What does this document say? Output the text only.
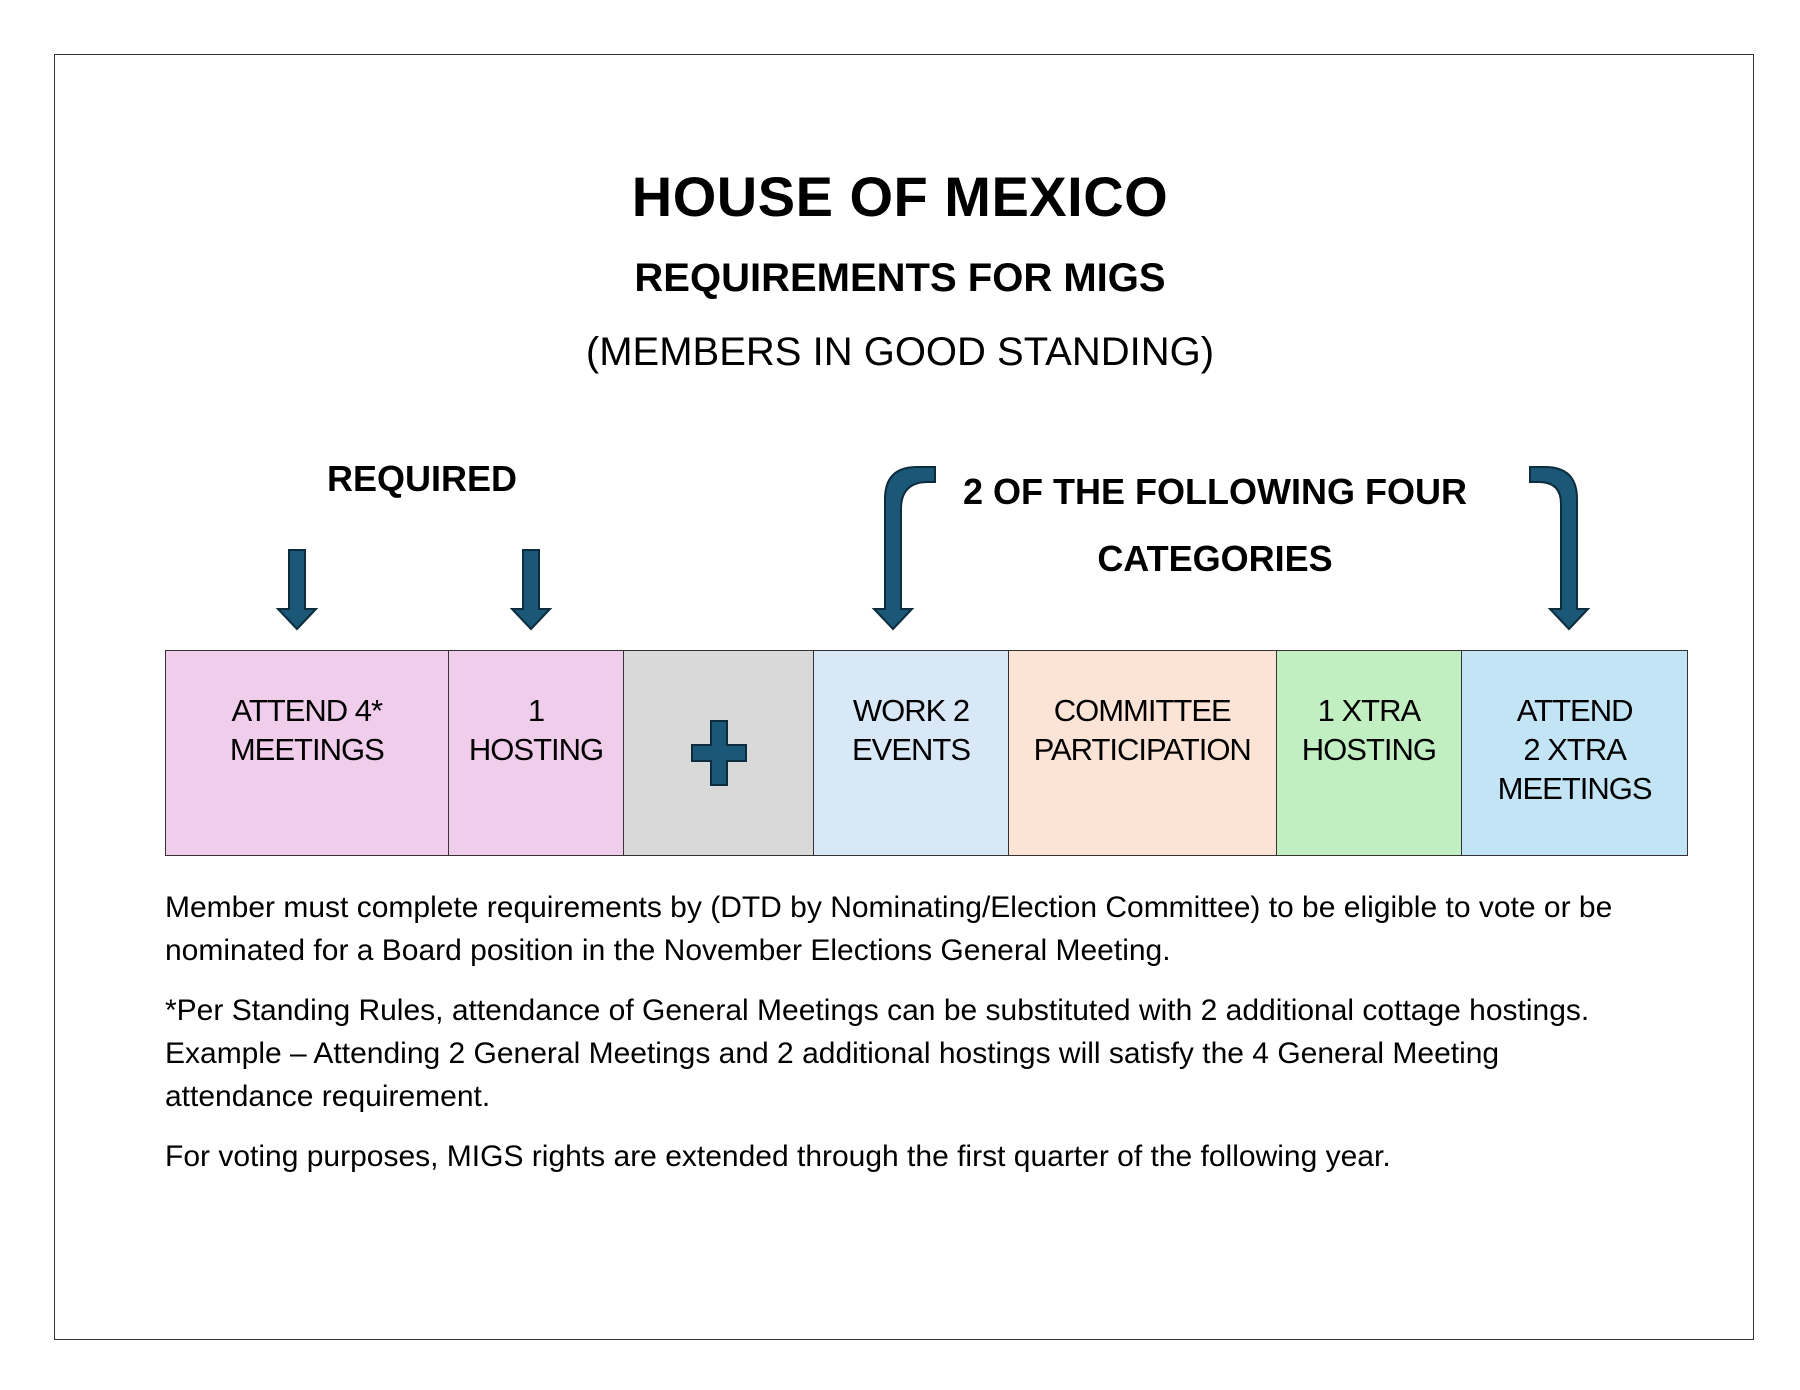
HOUSE OF MEXICO
REQUIREMENTS FOR MIGS
(MEMBERS IN GOOD STANDING)
REQUIRED	2 OF THE FOLLOWING FOUR CATEGORIES
ATTEND 4*
MEETINGS
1
HOSTING
WORK 2
EVENTS
COMMITTEE
PARTICIPATION
1 XTRA
HOSTING
ATTEND
2 XTRA
MEETINGS

Member must complete requirements by (DTD by Nominating/Election Committee) to be eligible to vote or be nominated for a Board position in the November Elections General Meeting.

*Per Standing Rules, attendance of General Meetings can be substituted with 2 additional cottage hostings. Example – Attending 2 General Meetings and 2 additional hostings will satisfy the 4 General Meeting attendance requirement.

For voting purposes, MIGS rights are extended through the first quarter of the following year.
